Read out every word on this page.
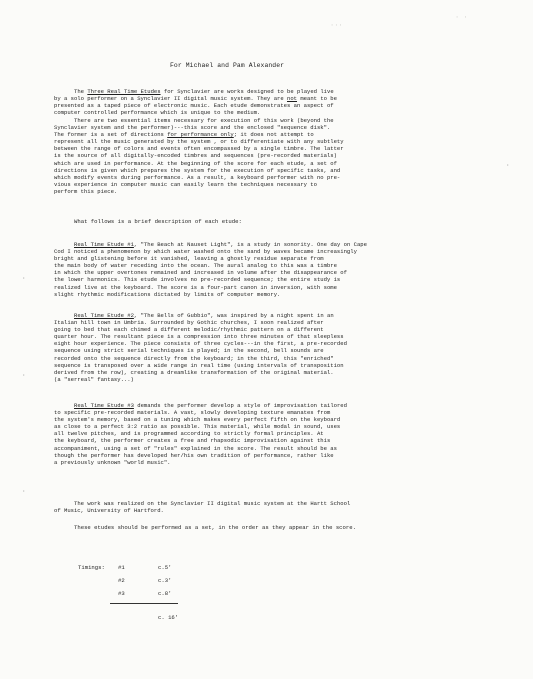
···
· ·
For Michael and Pam Alexander

The Three Real Time Etudes for Synclavier are works designed to be played live
by a solo performer on a Synclavier II digital music system. They are not meant to be
presented as a taped piece of electronic music. Each etude demonstrates an aspect of
computer controlled performance which is unique to the medium.

There are two essential items necessary for execution of this work (beyond the
Synclavier system and the performer)---this score and the enclosed "sequence disk".
The former is a set of directions for performance only; it does not attempt to
represent all the music generated by the system , or to differentiate with any subtlety
between the range of colors and events often encompassed by a single timbre. The latter
is the source of all digitally-encoded timbres and sequences (pre-recorded materials)
which are used in performance. At the beginning of the score for each etude, a set of
directions is given which prepares the system for the execution of specific tasks, and
which modify events during performance. As a result, a keyboard performer with no pre-
vious experience in computer music can easily learn the techniques necessary to
perform this piece.

What follows is a brief description of each etude:

Real Time Etude #1, "The Beach at Nauset Light", is a study in sonority. One day on Cape
Cod I noticed a phenomenon by which water washed onto the sand by waves became increasingly
bright and glistening before it vanished, leaving a ghostly residue separate from
the main body of water receding into the ocean. The aural analog to this was a timbre
in which the upper overtones remained and increased in volume after the disappearance of
the lower harmonics. This etude involves no pre-recorded sequence; the entire study is
realized live at the keyboard. The score is a four-part canon in inversion, with some
slight rhythmic modifications dictated by limits of computer memory.

Real Time Etude #2, "The Bells of Gubbio", was inspired by a night spent in an
Italian hill town in Umbria. Surrounded by Gothic churches, I soon realized after
going to bed that each chimed a different melodic/rhythmic pattern on a different
quarter hour. The resultant piece is a compression into three minutes of that sleepless
eight hour experience. The piece consists of three cycles---in the first, a pre-recorded
sequence using strict serial techniques is played; in the second, bell sounds are
recorded onto the sequence directly from the keyboard; in the third, this "enriched"
sequence is transposed over a wide range in real time (using intervals of transposition
derived from the row), creating a dreamlike transformation of the original material.
(a "serreal" fantasy...)

Real Time Etude #3 demands the performer develop a style of improvisation tailored
to specific pre-recorded materials. A vast, slowly developing texture emanates from
the system's memory, based on a tuning which makes every perfect fifth on the keyboard
as close to a perfect 3:2 ratio as possible. This material, while modal in sound, uses
all twelve pitches, and is programmed according to strictly formal principles. At
the keyboard, the performer creates a free and rhapsodic improvisation against this
accompaniment, using a set of "rules" explained in the score. The result should be as
though the performer has developed her/his own tradition of performance, rather like
a previously unknown "world music".

The work was realized on the Synclavier II digital music system at the Hartt School
of Music, University of Hartford.

These etudes should be performed as a set, in the order as they appear in the score.

Timings: #1	c.5'
#2	c.3'
#3	c.8'
c. 16'
·
·
·
·
